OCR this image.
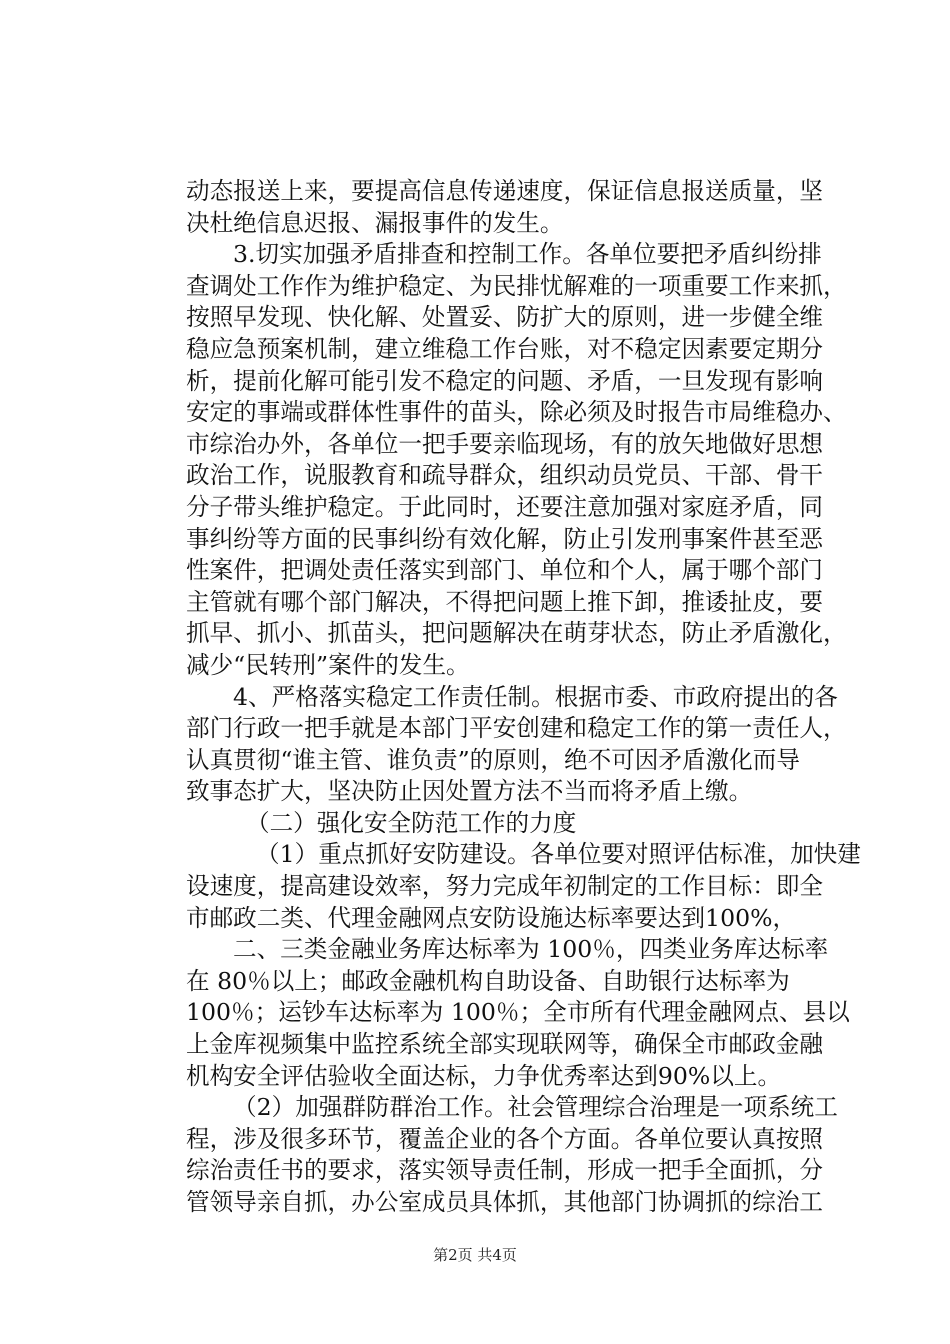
动态报送上来，要提高信息传递速度，保证信息报送质量，坚
决杜绝信息迟报、漏报事件的发生。
3.切实加强矛盾排查和控制工作。各单位要把矛盾纠纷排
查调处工作作为维护稳定、为民排忧解难的一项重要工作来抓，
按照早发现、快化解、处置妥、防扩大的原则，进一步健全维
稳应急预案机制，建立维稳工作台账，对不稳定因素要定期分
析，提前化解可能引发不稳定的问题、矛盾，一旦发现有影响
安定的事端或群体性事件的苗头，除必须及时报告市局维稳办、
市综治办外，各单位一把手要亲临现场，有的放矢地做好思想
政治工作，说服教育和疏导群众，组织动员党员、干部、骨干
分子带头维护稳定。于此同时，还要注意加强对家庭矛盾，同
事纠纷等方面的民事纠纷有效化解，防止引发刑事案件甚至恶
性案件，把调处责任落实到部门、单位和个人，属于哪个部门
主管就有哪个部门解决，不得把问题上推下卸，推诿扯皮，要
抓早、抓小、抓苗头，把问题解决在萌芽状态，防止矛盾激化，
减少“民转刑”案件的发生。
4、严格落实稳定工作责任制。根据市委、市政府提出的各
部门行政一把手就是本部门平安创建和稳定工作的第一责任人，
认真贯彻“谁主管、谁负责”的原则，绝不可因矛盾激化而导
致事态扩大，坚决防止因处置方法不当而将矛盾上缴。
（二）强化安全防范工作的力度
（1）重点抓好安防建设。各单位要对照评估标准，加快建
设速度，提高建设效率，努力完成年初制定的工作目标：即全
市邮政二类、代理金融网点安防设施达标率要达到100%，
二、三类金融业务库达标率为 100％，四类业务库达标率
在 80％以上；邮政金融机构自助设备、自助银行达标率为
100％；运钞车达标率为 100％；全市所有代理金融网点、县以
上金库视频集中监控系统全部实现联网等，确保全市邮政金融
机构安全评估验收全面达标，力争优秀率达到90%以上。
（2）加强群防群治工作。社会管理综合治理是一项系统工
程，涉及很多环节，覆盖企业的各个方面。各单位要认真按照
综治责任书的要求，落实领导责任制，形成一把手全面抓，分
管领导亲自抓，办公室成员具体抓，其他部门协调抓的综治工
第2页 共4页
